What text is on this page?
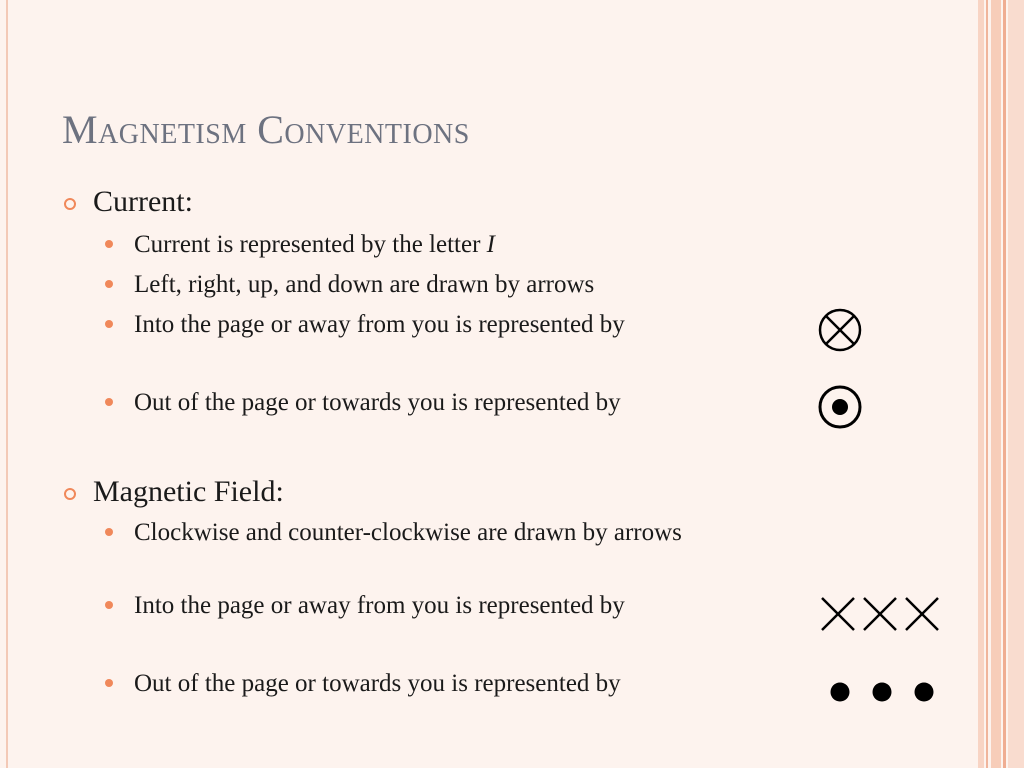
Magnetism Conventions
Current:
Current is represented by the letter I
Left, right, up, and down are drawn by arrows
Into the page or away from you is represented by
Out of the page or towards you is represented by
Magnetic Field:
Clockwise and counter-clockwise are drawn by arrows
Into the page or away from you is represented by
Out of the page or towards you is represented by
